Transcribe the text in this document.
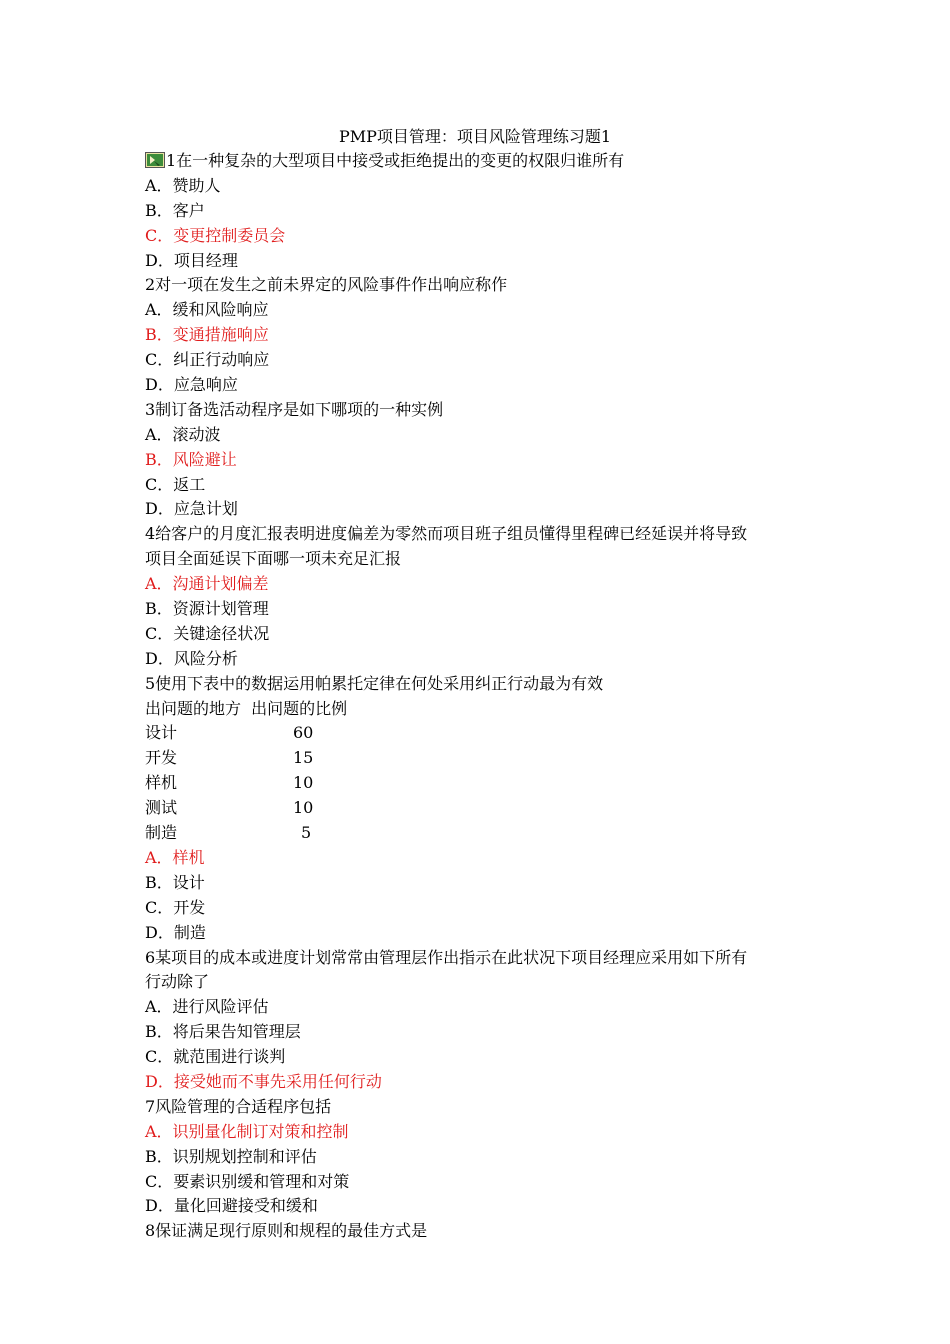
PMP项目管理：项目风险管理练习题1
1在一种复杂的大型项目中接受或拒绝提出的变更的权限归谁所有
A．赞助人
B．客户
C．变更控制委员会
D．项目经理
2对一项在发生之前未界定的风险事件作出响应称作
A．缓和风险响应
B．变通措施响应
C．纠正行动响应
D．应急响应
3制订备选活动程序是如下哪项的一种实例
A．滚动波
B．风险避让
C．返工
D．应急计划
4给客户的月度汇报表明进度偏差为零然而项目班子组员懂得里程碑已经延误并将导致
项目全面延误下面哪一项未充足汇报
A．沟通计划偏差
B．资源计划管理
C．关键途径状况
D．风险分析
5使用下表中的数据运用帕累托定律在何处采用纠正行动最为有效
出问题的地方  出问题的比例
设计	60
开发	15
样机	10
测试	10
制造	5
A．样机
B．设计
C．开发
D．制造
6某项目的成本或进度计划常常由管理层作出指示在此状况下项目经理应采用如下所有
行动除了
A．进行风险评估
B．将后果告知管理层
C．就范围进行谈判
D．接受她而不事先采用任何行动
7风险管理的合适程序包括
A．识别量化制订对策和控制
B．识别规划控制和评估
C．要素识别缓和管理和对策
D．量化回避接受和缓和
8保证满足现行原则和规程的最佳方式是
